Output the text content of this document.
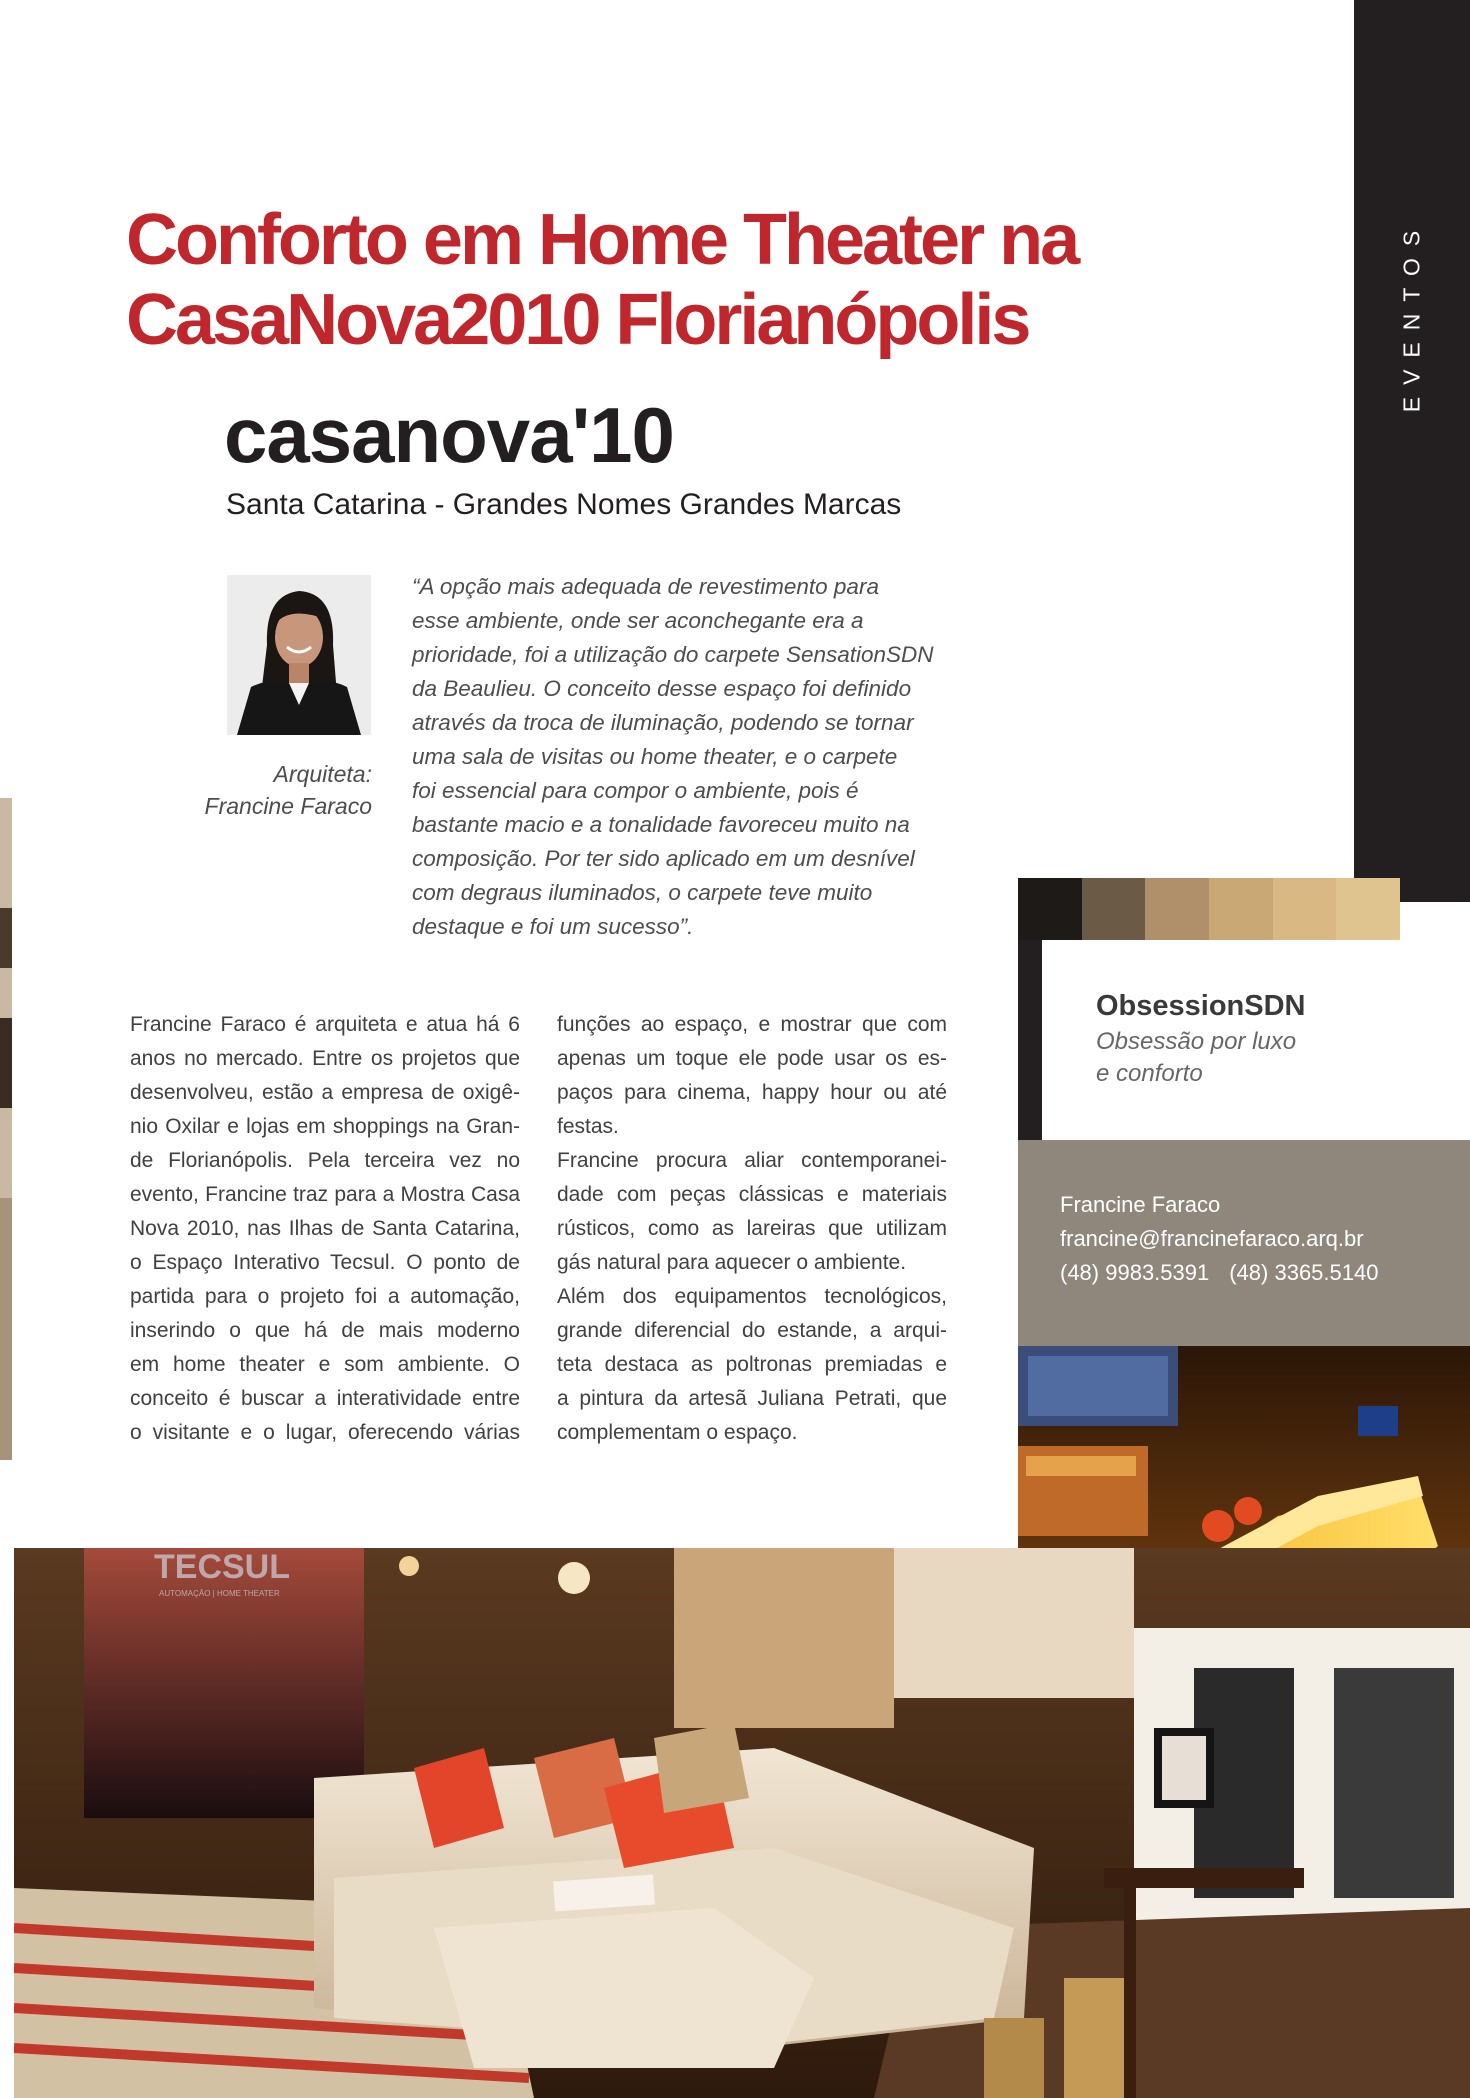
EVENTOS
Conforto em Home Theater na
CasaNova2010 Florianópolis
casanova'10
Santa Catarina - Grandes Nomes Grandes Marcas
Arquiteta:
Francine Faraco
“A opção mais adequada de revestimento para
esse ambiente, onde ser aconchegante era a
prioridade, foi a utilização do carpete SensationSDN
da Beaulieu. O conceito desse espaço foi definido
através da troca de iluminação, podendo se tornar
uma sala de visitas ou home theater, e o carpete
foi essencial para compor o ambiente, pois é
bastante macio e a tonalidade favoreceu muito na
composição. Por ter sido aplicado em um desnível
com degraus iluminados, o carpete teve muito
destaque e foi um sucesso”.
Francine Faraco é arquiteta e atua há 6
anos no mercado. Entre os projetos que
desenvolveu, estão a empresa de oxigê-
nio Oxilar e lojas em shoppings na Gran-
de Florianópolis. Pela terceira vez no
evento, Francine traz para a Mostra Casa
Nova 2010, nas Ilhas de Santa Catarina,
o Espaço Interativo Tecsul. O ponto de
partida para o projeto foi a automação,
inserindo o que há de mais moderno
em home theater e som ambiente. O
conceito é buscar a interatividade entre
o visitante e o lugar, oferecendo várias
funções ao espaço, e mostrar que com
apenas um toque ele pode usar os es-
paços para cinema, happy hour ou até
festas.
Francine procura aliar contemporanei-
dade com peças clássicas e materiais
rústicos, como as lareiras que utilizam
gás natural para aquecer o ambiente.
Além dos equipamentos tecnológicos,
grande diferencial do estande, a arqui-
teta destaca as poltronas premiadas e
a pintura da artesã Juliana Petrati, que
complementam o espaço.
ObsessionSDN
Obsessão por luxo
e conforto
Francine Faraco
francine@francinefaraco.arq.br
(48) 9983.5391 (48) 3365.5140
TECSUL
AUTOMAÇÃO | HOME THEATER
